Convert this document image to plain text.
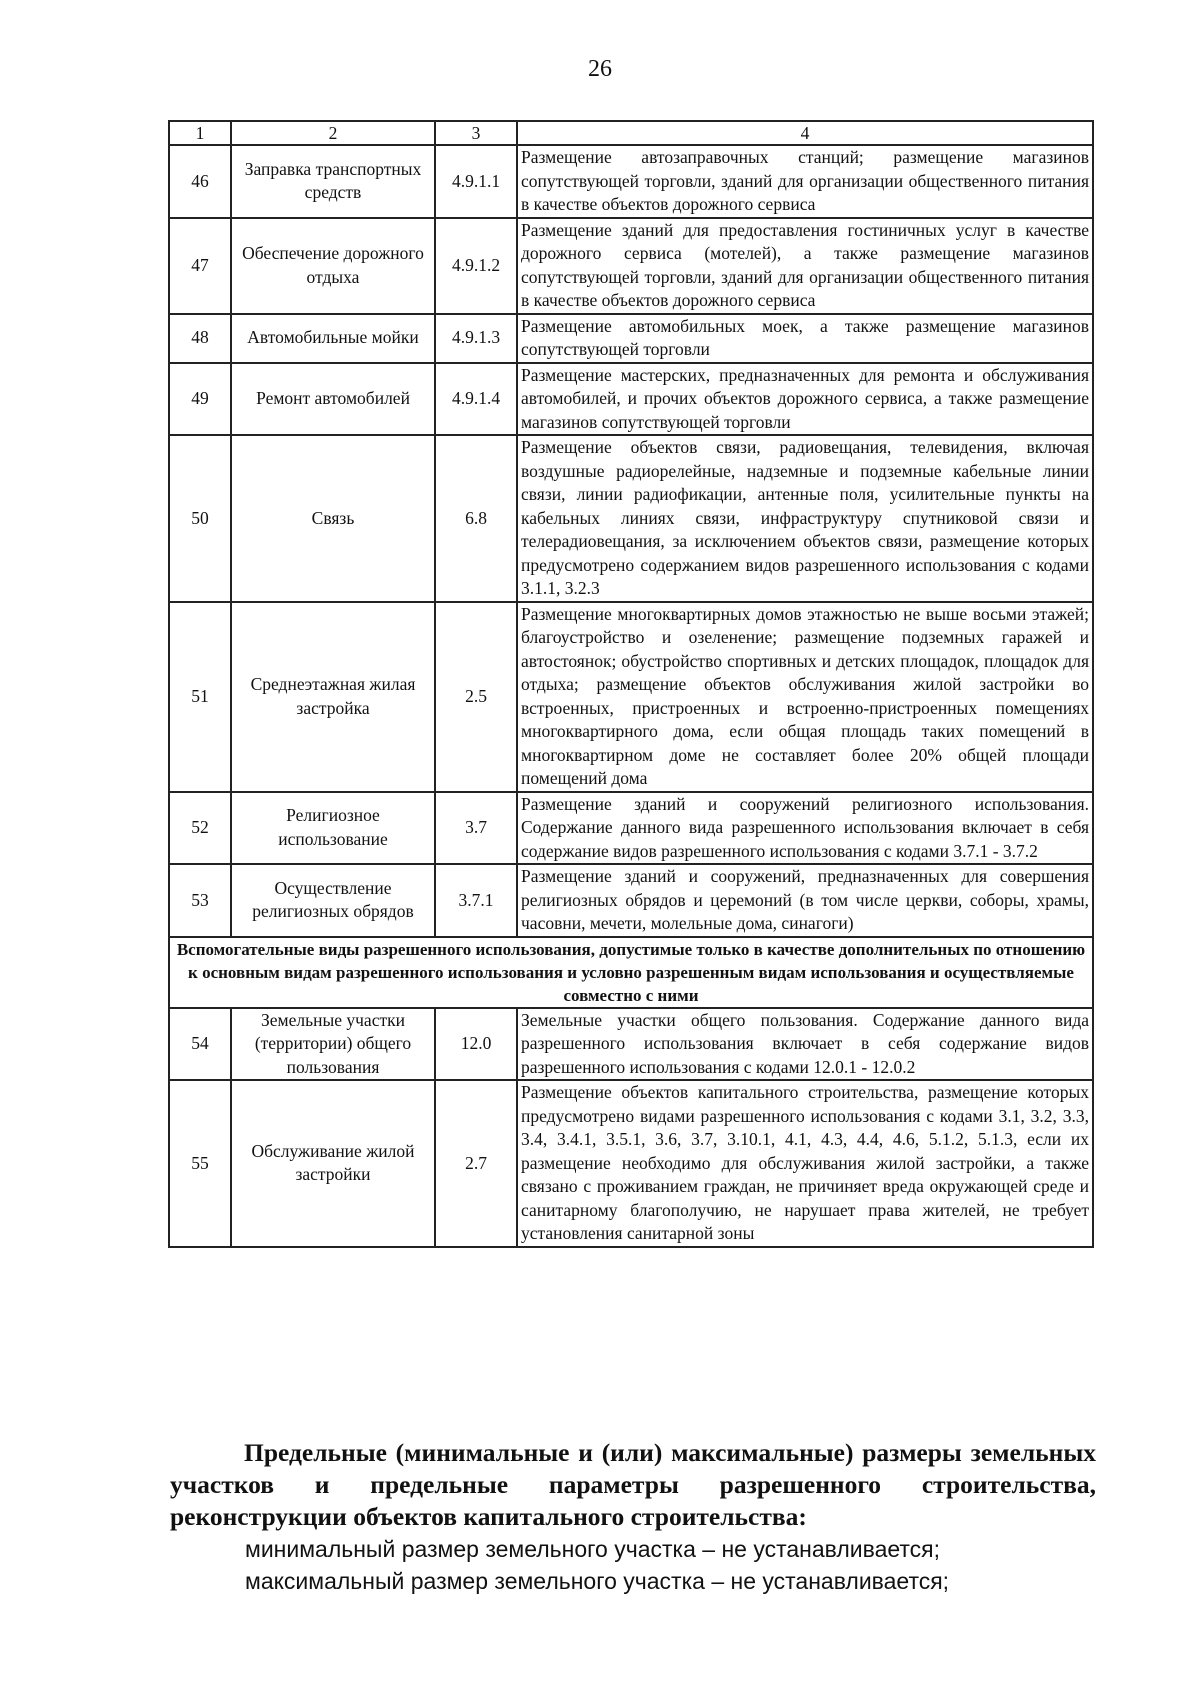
26
1	2	3	4
46	Заправка транспортных средств	4.9.1.1	Размещение автозаправочных станций; размещение магазинов сопутствующей торговли, зданий для организации общественного питания в качестве объектов дорожного сервиса
47	Обеспечение дорожного отдыха	4.9.1.2	Размещение зданий для предоставления гостиничных услуг в качестве дорожного сервиса (мотелей), а также размещение магазинов сопутствующей торговли, зданий для организации общественного питания в качестве объектов дорожного сервиса
48	Автомобильные мойки	4.9.1.3	Размещение автомобильных моек, а также размещение магазинов сопутствующей торговли
49	Ремонт автомобилей	4.9.1.4	Размещение мастерских, предназначенных для ремонта и обслуживания автомобилей, и прочих объектов дорожного сервиса, а также размещение магазинов сопутствующей торговли
50	Связь	6.8	Размещение объектов связи, радиовещания, телевидения, включая воздушные радиорелейные, надземные и подземные кабельные линии связи, линии радиофикации, антенные поля, усилительные пункты на кабельных линиях связи, инфраструктуру спутниковой связи и телерадиовещания, за исключением объектов связи, размещение которых предусмотрено содержанием видов разрешенного использования с кодами 3.1.1, 3.2.3
51	Среднеэтажная жилая застройка	2.5	Размещение многоквартирных домов этажностью не выше восьми этажей; благоустройство и озеленение; размещение подземных гаражей и автостоянок; обустройство спортивных и детских площадок, площадок для отдыха; размещение объектов обслуживания жилой застройки во встроенных, пристроенных и встроенно-пристроенных помещениях многоквартирного дома, если общая площадь таких помещений в многоквартирном доме не составляет более 20% общей площади помещений дома
52	Религиозное использование	3.7	Размещение зданий и сооружений религиозного использования. Содержание данного вида разрешенного использования включает в себя содержание видов разрешенного использования с кодами 3.7.1 - 3.7.2
53	Осуществление религиозных обрядов	3.7.1	Размещение зданий и сооружений, предназначенных для совершения религиозных обрядов и церемоний (в том числе церкви, соборы, храмы, часовни, мечети, молельные дома, синагоги)
Вспомогательные виды разрешенного использования, допустимые только в качестве дополнительных по отношению к основным видам разрешенного использования и условно разрешенным видам использования и осуществляемые совместно с ними			
54	Земельные участки (территории) общего пользования	12.0	Земельные участки общего пользования. Содержание данного вида разрешенного использования включает в себя содержание видов разрешенного использования с кодами 12.0.1 - 12.0.2
55	Обслуживание жилой застройки	2.7	Размещение объектов капитального строительства, размещение которых предусмотрено видами разрешенного использования с кодами 3.1, 3.2, 3.3, 3.4, 3.4.1, 3.5.1, 3.6, 3.7, 3.10.1, 4.1, 4.3, 4.4, 4.6, 5.1.2, 5.1.3, если их размещение необходимо для обслуживания жилой застройки, а также связано с проживанием граждан, не причиняет вреда окружающей среде и санитарному благополучию, не нарушает права жителей, не требует установления санитарной зоны
Предельные (минимальные и (или) максимальные) размеры земельных участков и предельные параметры разрешенного строительства, реконструкции объектов капитального строительства:
минимальный размер земельного участка – не устанавливается;
максимальный размер земельного участка – не устанавливается;
